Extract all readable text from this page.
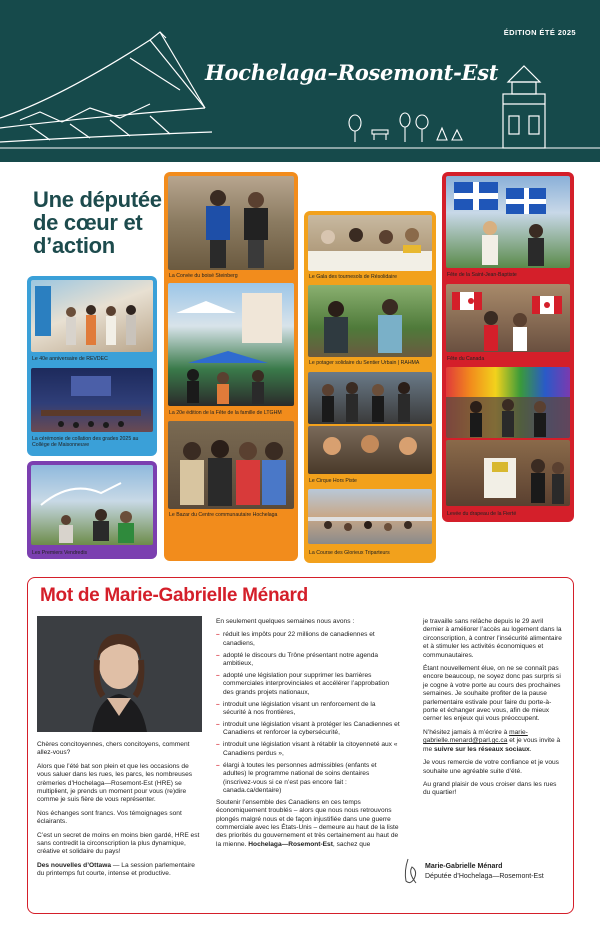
ÉDITION ÉTÉ 2025
Hochelaga–Rosemont-Est
Une députée de cœur et d’action
Le 40e anniversaire de REVDEC
La cérémonie de collation des grades 2025 au Collège de Maisonneuve
Les Premiers Vendredis
La Corvée du boisé Steinberg
La 20e édition de la Fête de la famille de LTGHM
Le Bazar du Centre communautaire Hochelaga
Le Gala des tournesols de Résolidaire
Le potager solidaire du Sentier Urbain | RAHMA
Le Cirque Hors Piste
La Course des Glorieux Triparteurs
Fête de la Saint-Jean-Baptiste
Fête du Canada
Levée du drapeau de la Fierté
Mot de Marie-Gabrielle Ménard

Chères concitoyennes, chers concitoyens, comment allez-vous?

Alors que l’été bat son plein et que les occasions de vous saluer dans les rues, les parcs, les nombreuses crèmeries d’Hochelaga—Rosemont-Est (HRE) se multiplient, je prends un moment pour vous (re)dire comme je suis fière de vous représenter.

Nos échanges sont francs. Vos témoignages sont éclairants.

C’est un secret de moins en moins bien gardé, HRE est sans contredit la circonscription la plus dynamique, créative et solidaire du pays!

Des nouvelles d’Ottawa — La session parlementaire du printemps fut courte, intense et productive.

En seulement quelques semaines nous avons :

– réduit les impôts pour 22 millions de canadiennes et canadiens,
– adopté le discours du Trône présentant notre agenda ambitieux,
– adopté une législation pour supprimer les barrières commerciales interprovinciales et accélérer l’approbation des grands projets nationaux,
– introduit une législation visant un renforcement de la sécurité à nos frontières,
– introduit une législation visant à protéger les Canadiennes et Canadiens et renforcer la cybersécurité,
– introduit une législation visant à rétablir la citoyenneté aux « Canadiens perdus »,
– élargi à toutes les personnes admissibles (enfants et adultes) le programme national de soins dentaires (inscrivez-vous si ce n’est pas encore fait : canada.ca/dentaire)

Soutenir l’ensemble des Canadiens en ces temps économiquement troublés – alors que nous nous retrouvons plongés malgré nous et de façon injustifiée dans une guerre commerciale avec les États-Unis – demeure au haut de la liste des priorités du gouvernement et très certainement au haut de la mienne. Hochelaga—Rosemont-Est, sachez que

je travaille sans relâche depuis le 29 avril dernier à améliorer l’accès au logement dans la circonscription, à contrer l’insécurité alimentaire et à stimuler les activités économiques et communautaires.

Étant nouvellement élue, on ne se connaît pas encore beaucoup, ne soyez donc pas surpris si je cogne à votre porte au cours des prochaines semaines. Je souhaite profiter de la pause parlementaire estivale pour faire du porte-à-porte et échanger avec vous, afin de mieux cerner les enjeux qui vous préoccupent.

N’hésitez jamais à m’écrire à marie-gabrielle.menard@parl.gc.ca et je vous invite à me suivre sur les réseaux sociaux.

Je vous remercie de votre confiance et je vous souhaite une agréable suite d’été.

Au grand plaisir de vous croiser dans les rues du quartier!

Marie-Gabrielle Ménard
Députée d’Hochelaga—Rosemont-Est
